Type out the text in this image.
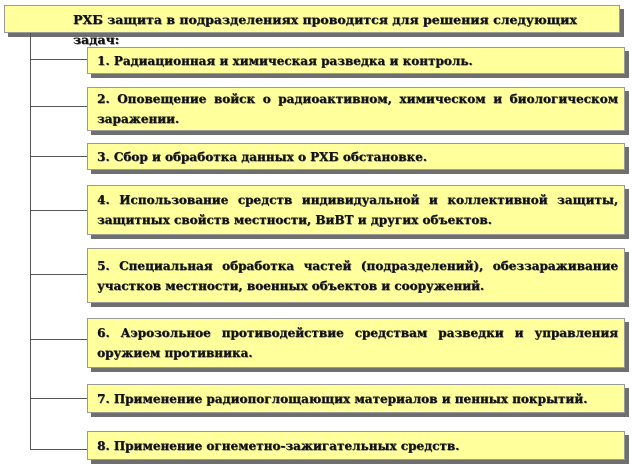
РХБ защита в подразделениях проводится для решения следующих задач:
1. Радиационная и химическая разведка и контроль.
2. Оповещение войск о радиоактивном, химическом и биологическом заражении.
3. Сбор и обработка данных о РХБ обстановке.
4. Использование средств индивидуальной и коллективной защиты, защитных свойств местности, ВиВТ и других объектов.
5. Специальная обработка частей (подразделений), обеззараживание участков местности, военных объектов и сооружений.
6. Аэрозольное противодействие средствам разведки и управления оружием противника.
7. Применение радиопоглощающих материалов и пенных покрытий.
8. Применение огнеметно-зажигательных средств.
